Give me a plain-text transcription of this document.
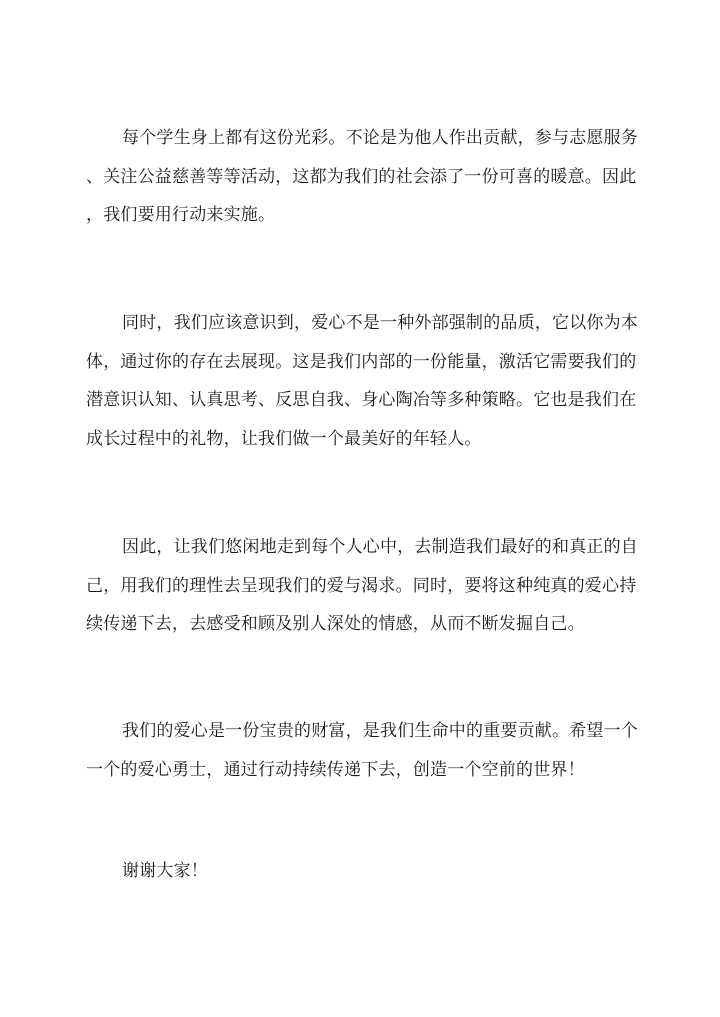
每个学生身上都有这份光彩。不论是为他人作出贡献，参与志愿服务
、关注公益慈善等等活动，这都为我们的社会添了一份可喜的暖意。因此
，我们要用行动来实施。
同时，我们应该意识到，爱心不是一种外部强制的品质，它以你为本
体，通过你的存在去展现。这是我们内部的一份能量，激活它需要我们的
潜意识认知、认真思考、反思自我、身心陶冶等多种策略。它也是我们在
成长过程中的礼物，让我们做一个最美好的年轻人。
因此，让我们悠闲地走到每个人心中，去制造我们最好的和真正的自
己，用我们的理性去呈现我们的爱与渴求。同时，要将这种纯真的爱心持
续传递下去，去感受和顾及别人深处的情感，从而不断发掘自己。
我们的爱心是一份宝贵的财富，是我们生命中的重要贡献。希望一个
一个的爱心勇士，通过行动持续传递下去，创造一个空前的世界！
谢谢大家！
